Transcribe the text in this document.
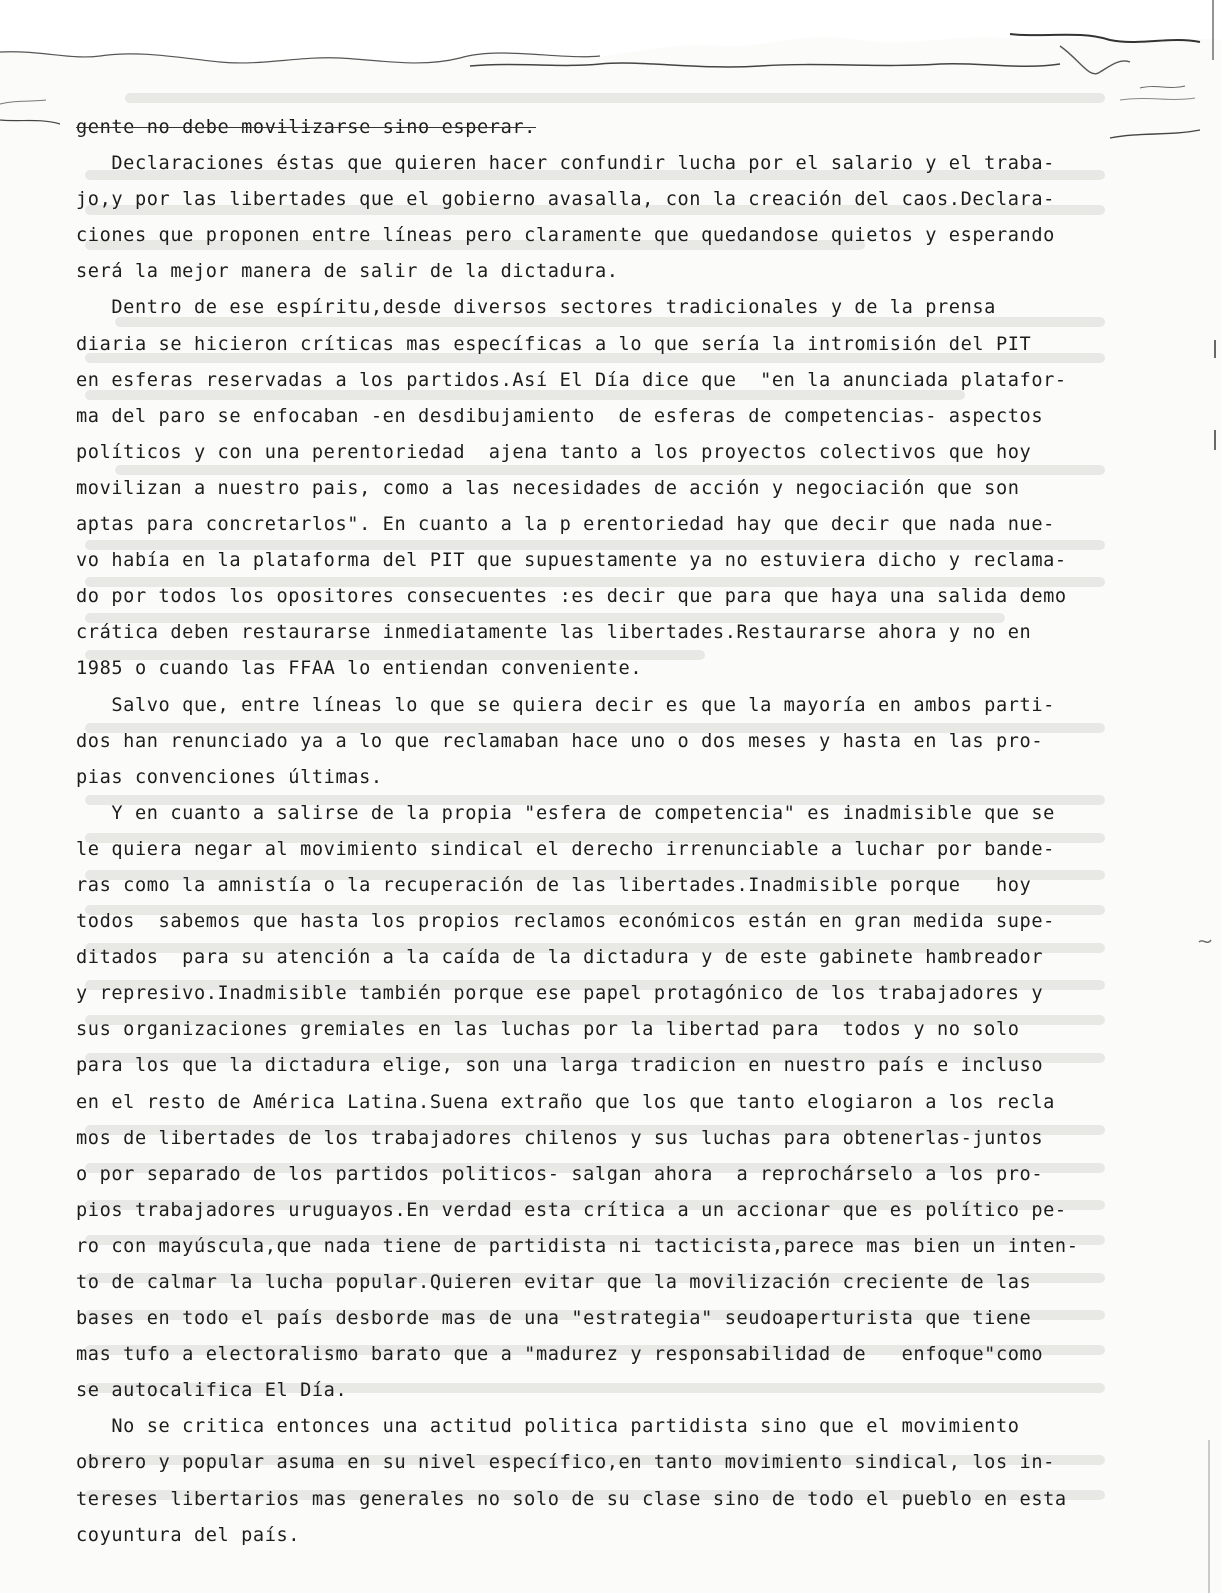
gente no debe movilizarse sino esperar.
Declaraciones éstas que quieren hacer confundir lucha por el salario y el traba-
jo,y por las libertades que el gobierno avasalla, con la creación del caos.Declara-
ciones que proponen entre líneas pero claramente que quedandose quietos y esperando
será la mejor manera de salir de la dictadura.
Dentro de ese espíritu,desde diversos sectores tradicionales y de la prensa
diaria se hicieron críticas mas específicas a lo que sería la intromisión del PIT
en esferas reservadas a los partidos.Así El Día dice que  "en la anunciada platafor-
ma del paro se enfocaban -en desdibujamiento  de esferas de competencias- aspectos
políticos y con una perentoriedad  ajena tanto a los proyectos colectivos que hoy
movilizan a nuestro pais, como a las necesidades de acción y negociación que son
aptas para concretarlos". En cuanto a la p erentoriedad hay que decir que nada nue-
vo había en la plataforma del PIT que supuestamente ya no estuviera dicho y reclama-
do por todos los opositores consecuentes :es decir que para que haya una salida demo
crática deben restaurarse inmediatamente las libertades.Restaurarse ahora y no en
1985 o cuando las FFAA lo entiendan conveniente.
Salvo que, entre líneas lo que se quiera decir es que la mayoría en ambos parti-
dos han renunciado ya a lo que reclamaban hace uno o dos meses y hasta en las pro-
pias convenciones últimas.
Y en cuanto a salirse de la propia "esfera de competencia" es inadmisible que se
le quiera negar al movimiento sindical el derecho irrenunciable a luchar por bande-
ras como la amnistía o la recuperación de las libertades.Inadmisible porque   hoy
todos  sabemos que hasta los propios reclamos económicos están en gran medida supe-
ditados  para su atención a la caída de la dictadura y de este gabinete hambreador
y represivo.Inadmisible también porque ese papel protagónico de los trabajadores y
sus organizaciones gremiales en las luchas por la libertad para  todos y no solo
para los que la dictadura elige, son una larga tradicion en nuestro país e incluso
en el resto de América Latina.Suena extraño que los que tanto elogiaron a los recla
mos de libertades de los trabajadores chilenos y sus luchas para obtenerlas-juntos
o por separado de los partidos politicos- salgan ahora  a reprochárselo a los pro-
pios trabajadores uruguayos.En verdad esta crítica a un accionar que es político pe-
ro con mayúscula,que nada tiene de partidista ni tacticista,parece mas bien un inten-
to de calmar la lucha popular.Quieren evitar que la movilización creciente de las
bases en todo el país desborde mas de una "estrategia" seudoaperturista que tiene
mas tufo a electoralismo barato que a "madurez y responsabilidad de   enfoque"como
se autocalifica El Día.
No se critica entonces una actitud politica partidista sino que el movimiento
obrero y popular asuma en su nivel específico,en tanto movimiento sindical, los in-
tereses libertarios mas generales no solo de su clase sino de todo el pueblo en esta
coyuntura del país.
